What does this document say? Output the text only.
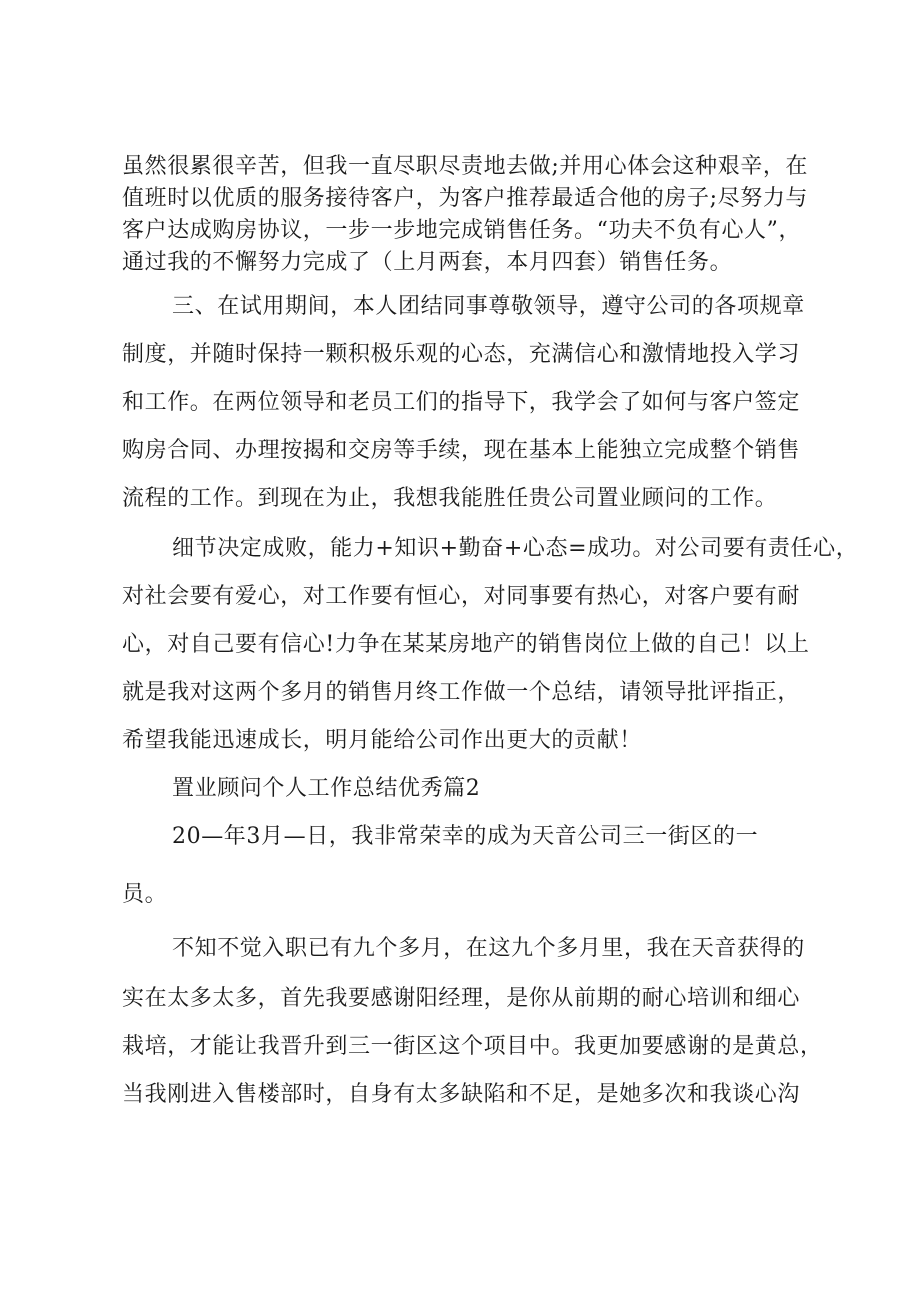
虽然很累很辛苦，但我一直尽职尽责地去做;并用心体会这种艰辛，在

值班时以优质的服务接待客户，为客户推荐最适合他的房子;尽努力与

客户达成购房协议，一步一步地完成销售任务。“功夫不负有心人”，

通过我的不懈努力完成了（上月两套，本月四套）销售任务。

三、在试用期间，本人团结同事尊敬领导，遵守公司的各项规章

制度，并随时保持一颗积极乐观的心态，充满信心和激情地投入学习

和工作。在两位领导和老员工们的指导下，我学会了如何与客户签定

购房合同、办理按揭和交房等手续，现在基本上能独立完成整个销售

流程的工作。到现在为止，我想我能胜任贵公司置业顾问的工作。

细节决定成败，能力+知识+勤奋+心态=成功。对公司要有责任心，

对社会要有爱心，对工作要有恒心，对同事要有热心，对客户要有耐

心，对自己要有信心!力争在某某房地产的销售岗位上做的自己！以上

就是我对这两个多月的销售月终工作做一个总结，请领导批评指正，

希望我能迅速成长，明月能给公司作出更大的贡献！

置业顾问个人工作总结优秀篇2

20—年3月—日，我非常荣幸的成为天音公司三一街区的一

员。

不知不觉入职已有九个多月，在这九个多月里，我在天音获得的

实在太多太多，首先我要感谢阳经理，是你从前期的耐心培训和细心

栽培，才能让我晋升到三一街区这个项目中。我更加要感谢的是黄总，

当我刚进入售楼部时，自身有太多缺陷和不足，是她多次和我谈心沟
